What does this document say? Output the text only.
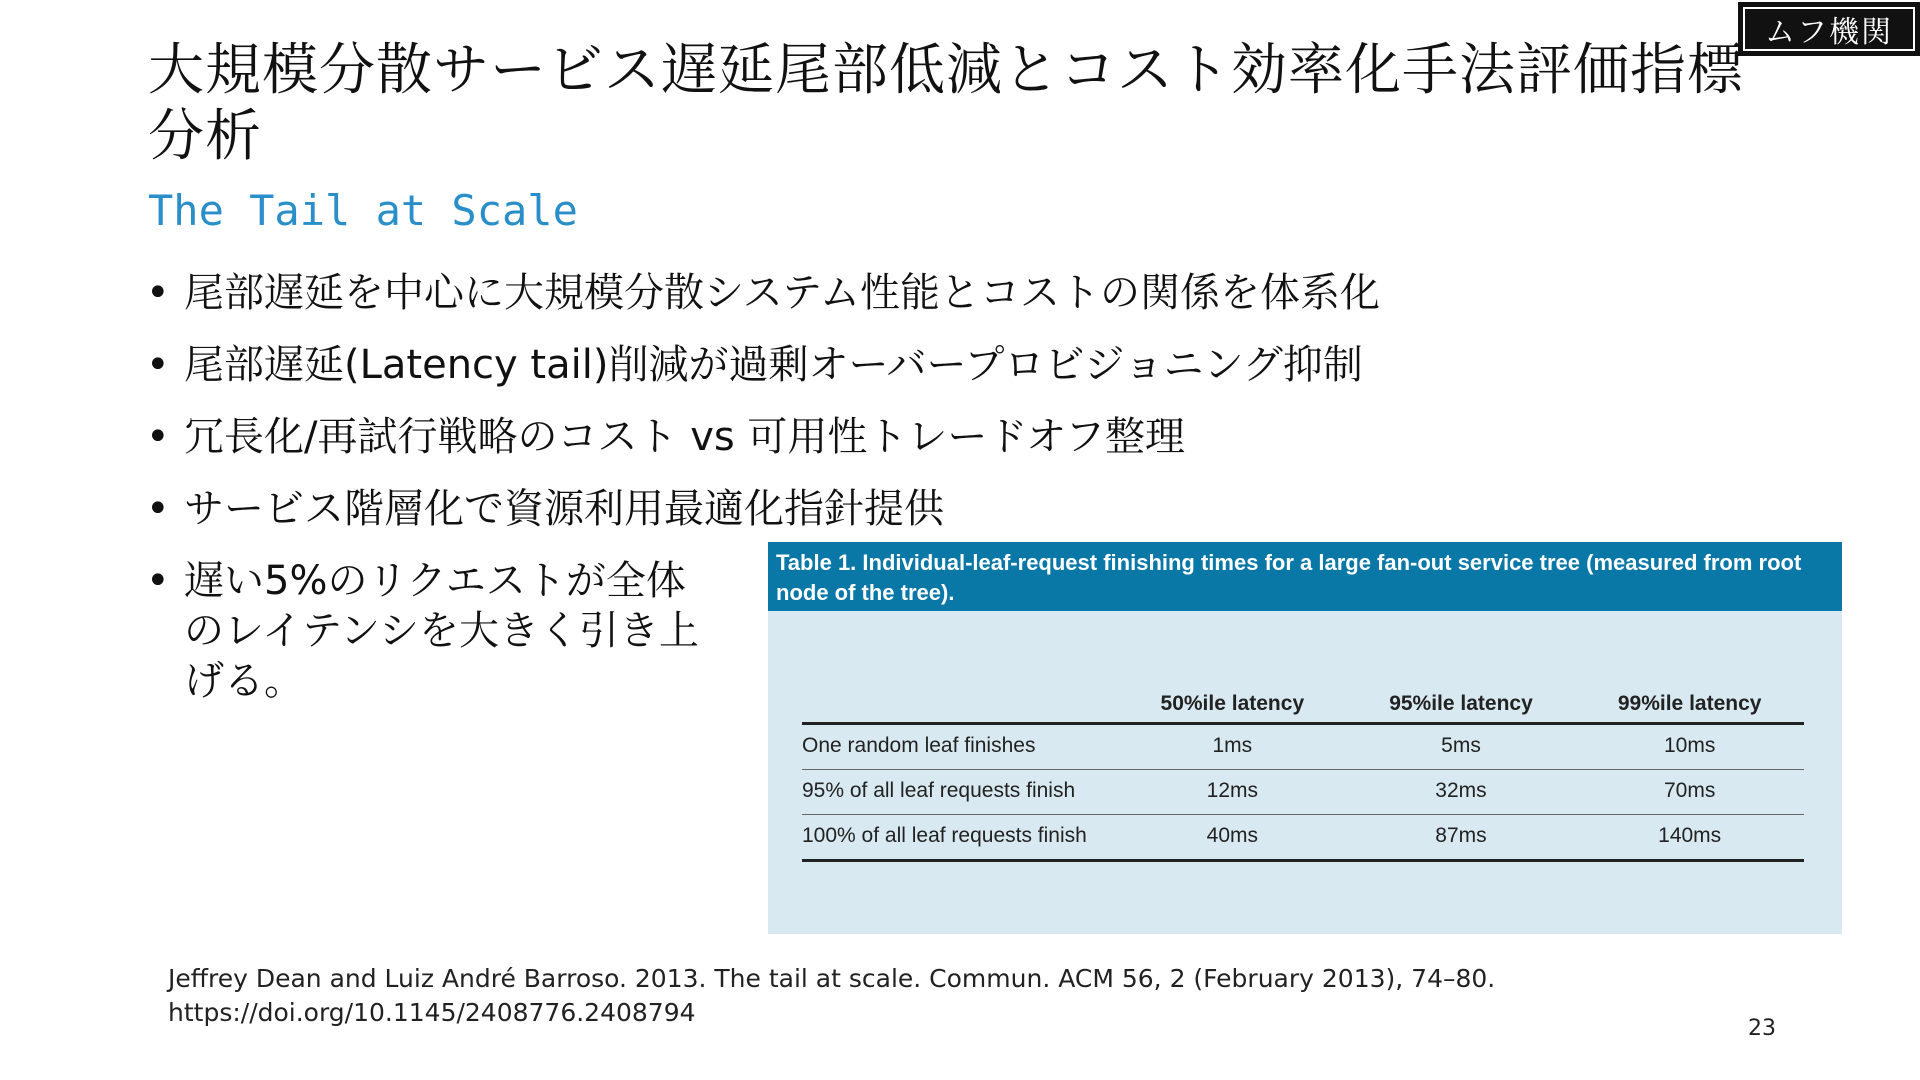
ムフ機関
大規模分散サービス遅延尾部低減とコスト効率化手法評価指標分析
The Tail at Scale
• 尾部遅延を中心に大規模分散システム性能とコストの関係を体系化
• 尾部遅延(Latency tail)削減が過剰オーバープロビジョニング抑制
• 冗長化/再試行戦略のコスト vs 可用性トレードオフ整理
• サービス階層化で資源利用最適化指針提供
• 遅い5%のリクエストが全体のレイテンシを大きく引き上げる。
Table 1. Individual-leaf-request finishing times for a large fan-out service tree (measured from root node of the tree).
	50%ile latency	95%ile latency	99%ile latency
One random leaf finishes	1ms	5ms	10ms
95% of all leaf requests finish	12ms	32ms	70ms
100% of all leaf requests finish	40ms	87ms	140ms
Jeffrey Dean and Luiz André Barroso. 2013. The tail at scale. Commun. ACM 56, 2 (February 2013), 74–80.
https://doi.org/10.1145/2408776.2408794
23
